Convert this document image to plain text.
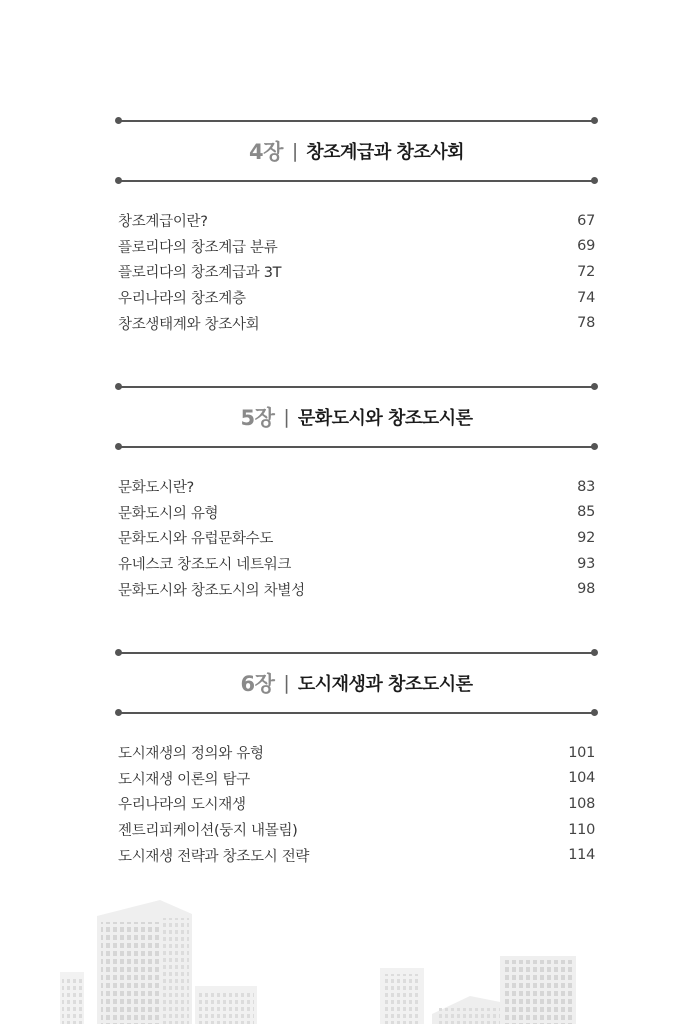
4장 | 창조계급과 창조사회
창조계급이란?	67
플로리다의 창조계급 분류	69
플로리다의 창조계급과 3T	72
우리나라의 창조계층	74
창조생태계와 창조사회	78
5장 | 문화도시와 창조도시론
문화도시란?	83
문화도시의 유형	85
문화도시와 유럽문화수도	92
유네스코 창조도시 네트워크	93
문화도시와 창조도시의 차별성	98
6장 | 도시재생과 창조도시론
도시재생의 정의와 유형	101
도시재생 이론의 탐구	104
우리나라의 도시재생	108
젠트리피케이션(둥지 내몰림)	110
도시재생 전략과 창조도시 전략	114
